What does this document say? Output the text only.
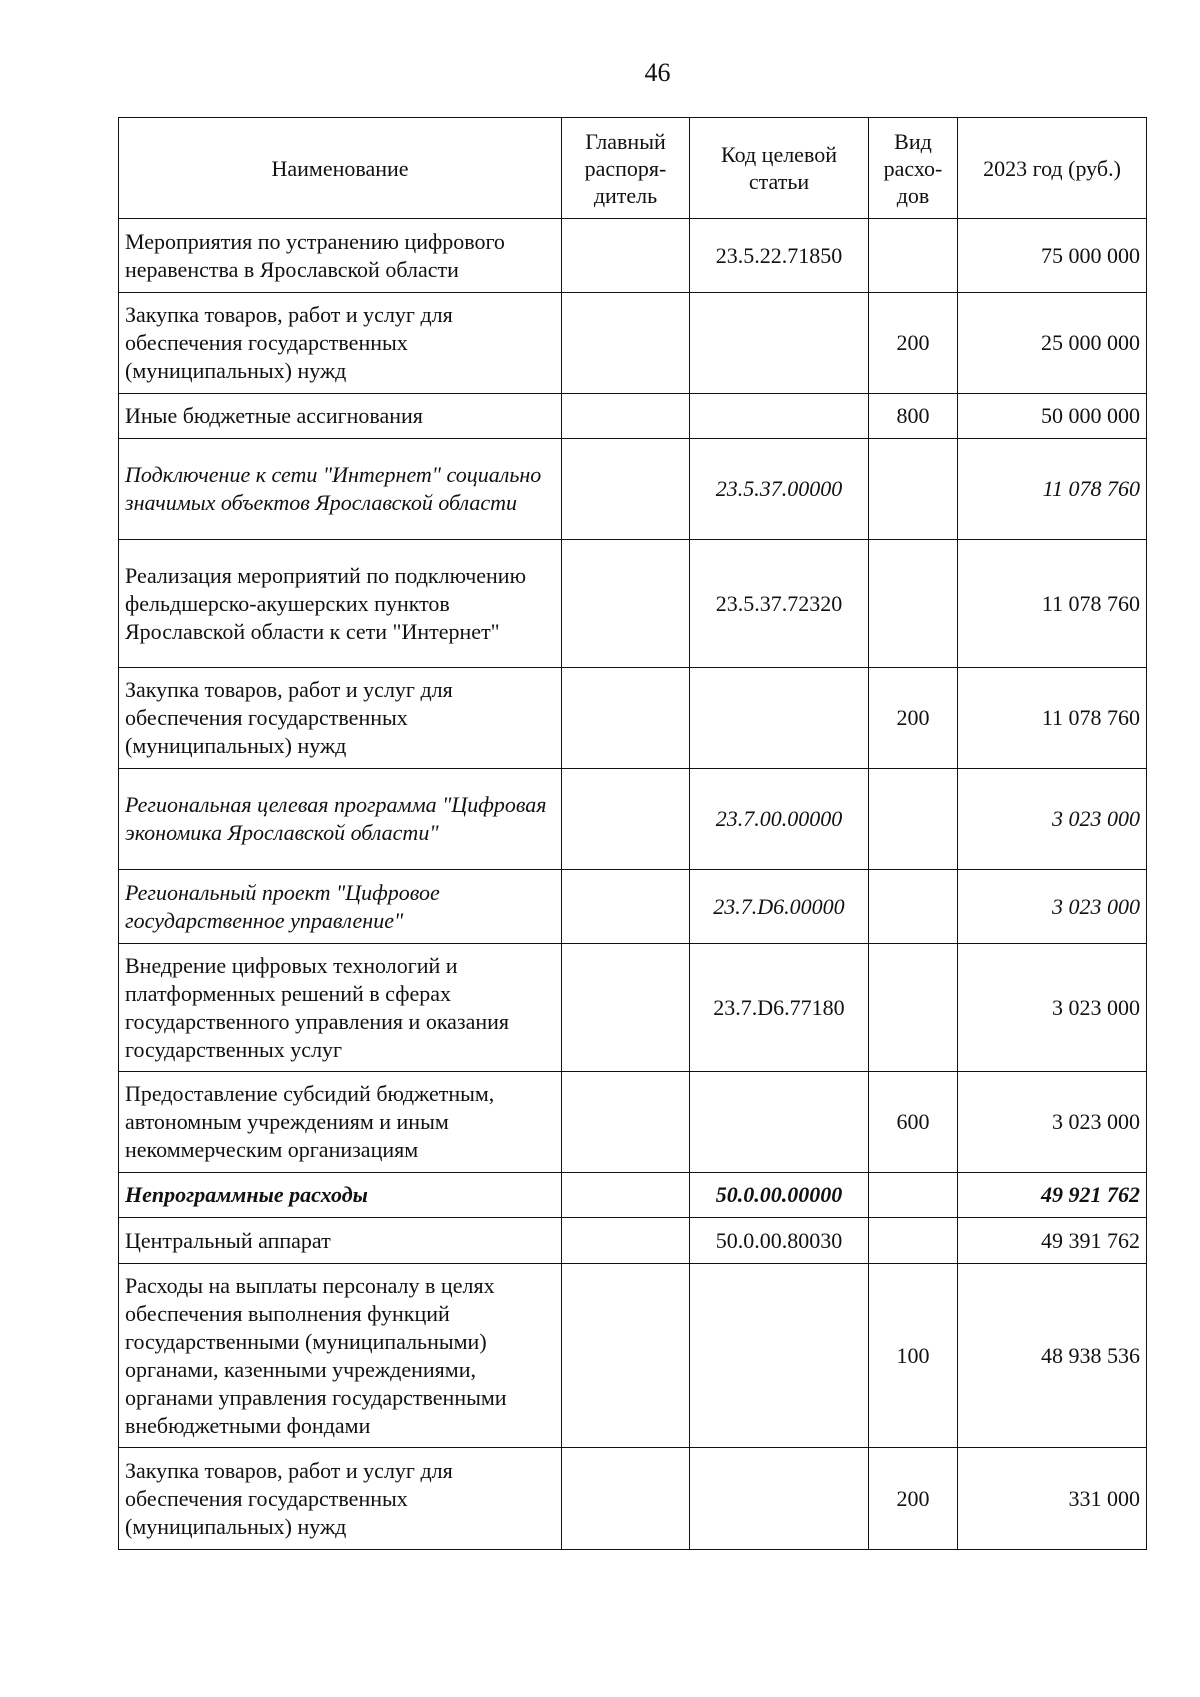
46
Наименование	Главный распоря-дитель	Код целевой статьи	Вид расхо-дов	2023 год (руб.)
Мероприятия по устранению цифрового неравенства в Ярославской области		23.5.22.71850		75 000 000
Закупка товаров, работ и услуг для обеспечения государственных (муниципальных) нужд			200	25 000 000
Иные бюджетные ассигнования			800	50 000 000
Подключение к сети "Интернет" социально значимых объектов Ярославской области		23.5.37.00000		11 078 760
Реализация мероприятий по подключению фельдшерско-акушерских пунктов Ярославской области к сети "Интернет"		23.5.37.72320		11 078 760
Закупка товаров, работ и услуг для обеспечения государственных (муниципальных) нужд			200	11 078 760
Региональная целевая программа "Цифровая экономика Ярославской области"		23.7.00.00000		3 023 000
Региональный проект "Цифровое государственное управление"		23.7.D6.00000		3 023 000
Внедрение цифровых технологий и платформенных решений в сферах государственного управления и оказания государственных услуг		23.7.D6.77180		3 023 000
Предоставление субсидий бюджетным, автономным учреждениям и иным некоммерческим организациям			600	3 023 000
Непрограммные расходы		50.0.00.00000		49 921 762
Центральный аппарат		50.0.00.80030		49 391 762
Расходы на выплаты персоналу в целях обеспечения выполнения функций государственными (муниципальными) органами, казенными учреждениями, органами управления государственными внебюджетными фондами			100	48 938 536
Закупка товаров, работ и услуг для обеспечения государственных (муниципальных) нужд			200	331 000
